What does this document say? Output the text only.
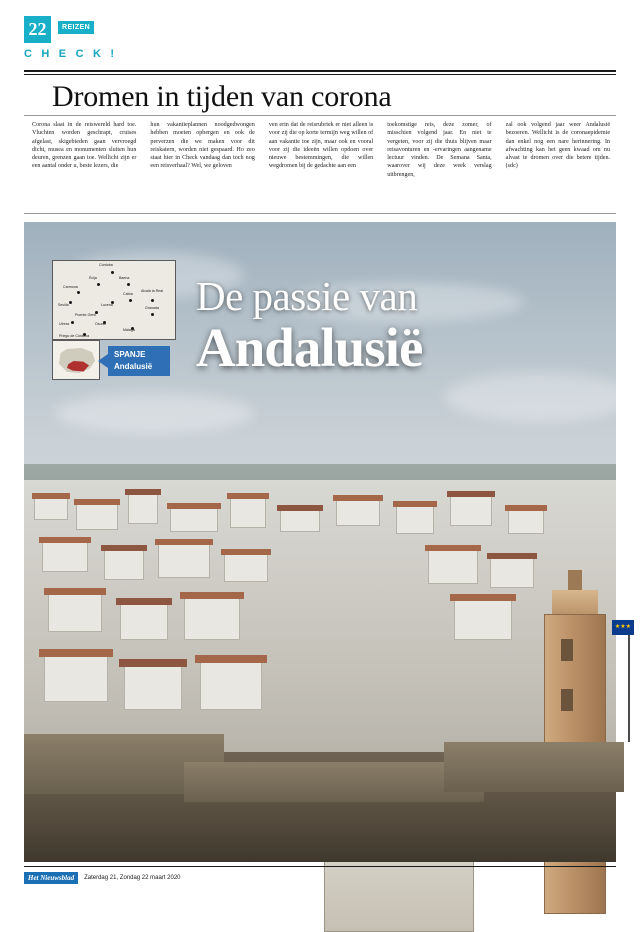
22	REIZEN
C H E C K !
Dromen in tijden van corona
Corona slaat in de reiswereld hard toe. Vluchten worden geschrapt, cruises afgelast, skigebieden gaan vervroegd dicht, musea en monumenten sluiten hun deuren, grenzen gaan toe. Wellicht zijn er een aantal onder u, beste lezers, die
hun vakantieplannen noodgedwongen hebben moeten opbergen en ook de perverzen die we maken voor dit reiskatern, worden niet gespaard. Ho zeo staat hier in Check vandaag dan toch nog een reisverhaal? Wel, we geloven
ven erin dat de reisrubriek er niet alleen is voor zij die op korte termijn weg willen of aan vakantie toe zijn, maar ook en vooral voor zij die ideeën willen opdoen over nieuwe bestemmingen, die willen wegdromen bij de gedachte aan een
toekomstige reis, deze zomer, of misschien volgend jaar. En niet te vergeten, voor zij die thuis blijven maar reisavonturen en -ervaringen aangename lectuur vinden. De Semana Santa, waarover wij deze week verslag uitbrengen,
zal ook volgend jaar weer Andalusië bezoeren. Wellicht is de coronaepidemie dan enkel nog een nare herinnering. In afwachting kan het geen kwaad om nu alvast te dromen over die betere tijden. (sdc)
★★★
Córdoba
Écija	Baena
Carmona
Sevilla	Lucena
Cabra
Alcalá la Real
Puente-Genil
Granada
Utrera	Osuna
Málaga
Priego de Córdoba
SPANJE
Andalusië
De passie van
Andalusië
Het Nieuwsblad	Zaterdag 21, Zondag 22 maart 2020
